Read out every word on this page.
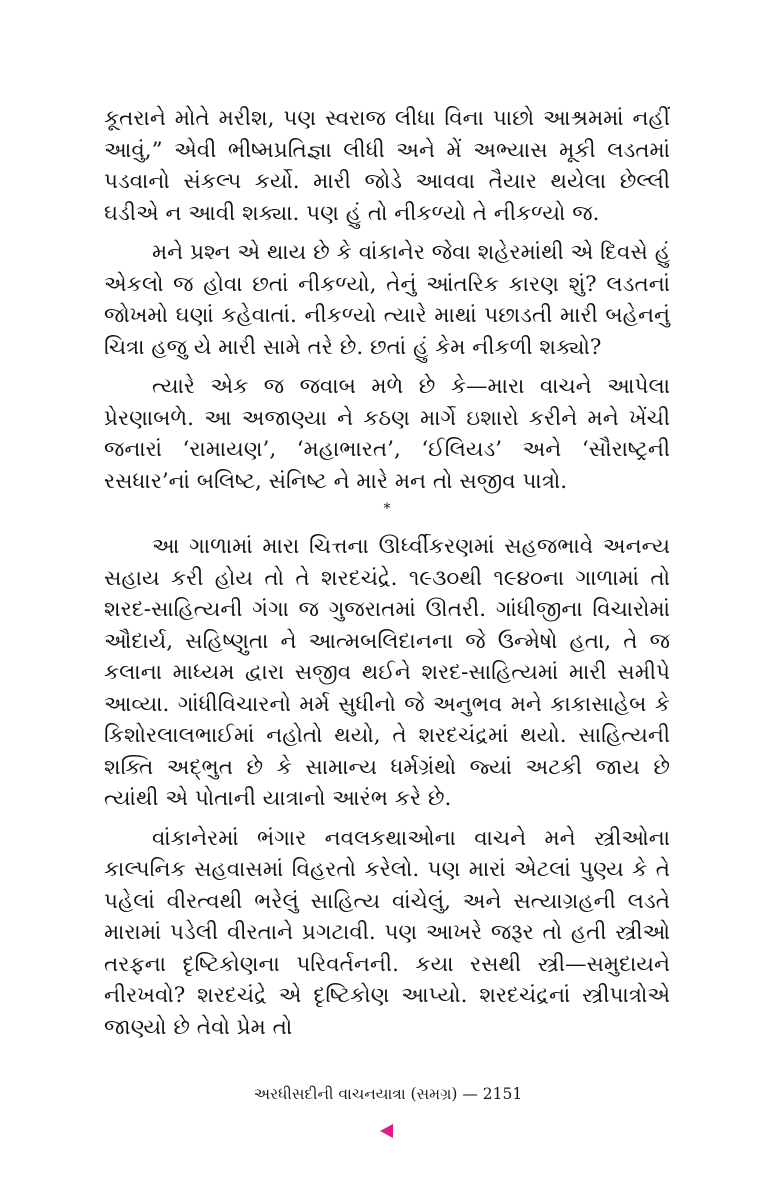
કૂતરાને મોતે મરીશ, પણ સ્વરાજ લીધા વિના પાછો આશ્રમમાં નહીં આવું,” એવી ભીષ્મપ્રતિજ્ઞા લીધી અને મેં અભ્યાસ મૂકી લડતમાં પડવાનો સંકલ્પ કર્યો. મારી જોડે આવવા તૈયાર થયેલા છેલ્લી ઘડીએ ન આવી શક્યા. પણ હું તો નીકળ્યો તે નીકળ્યો જ.

મને પ્રશ્ન એ થાય છે કે વાંકાનેર જેવા શહેરમાંથી એ દિવસે હું એકલો જ હોવા છતાં નીકળ્યો, તેનું આંતરિક કારણ શું? લડતનાં જોખમો ઘણાં કહેવાતાં. નીકળ્યો ત્યારે માથાં પછાડતી મારી બહેનનું ચિત્રા હજુ યે મારી સામે તરે છે. છતાં હું કેમ નીકળી શક્યો?

ત્યારે એક જ જવાબ મળે છે કે—મારા વાચને આપેલા પ્રેરણાબળે. આ અજાણ્યા ને કઠણ માર્ગે ઇશારો કરીને મને ખેંચી જનારાં ‘રામાયણ’, ‘મહાભારત’, ‘ઈલિયડ’ અને ‘સૌરાષ્ટ્રની રસધાર’નાં બલિષ્ટ, સંનિષ્ટ ને મારે મન તો સજીવ પાત્રો.

*

આ ગાળામાં મારા ચિત્તના ઊર્ધ્વીકરણમાં સહજભાવે અનન્ય સહાય કરી હોય તો તે શરદચંદ્રે. ૧૯૩૦થી ૧૯૪૦ના ગાળામાં તો શરદ-સાહિત્યની ગંગા જ ગુજરાતમાં ઊતરી. ગાંધીજીના વિચારોમાં ઔદાર્ય, સહિષ્ણુતા ને આત્મબલિદાનના જે ઉન્મેષો હતા, તે જ કલાના માધ્યમ દ્વારા સજીવ થઈને શરદ-સાહિત્યમાં મારી સમીપે આવ્યા. ગાંધીવિચારનો મર્મ સુધીનો જે અનુભવ મને કાકાસાહેબ કે કિશોરલાલભાઈમાં નહોતો થયો, તે શરદચંદ્રમાં થયો. સાહિત્યની શક્તિ અદ્ભુત છે કે સામાન્ય ધર્મગ્રંથો જ્યાં અટકી જાય છે ત્યાંથી એ પોતાની યાત્રાનો આરંભ કરે છે.

વાંકાનેરમાં ભંગાર નવલકથાઓના વાચને મને સ્ત્રીઓના કાલ્પનિક સહવાસમાં વિહરતો કરેલો. પણ મારાં એટલાં પુણ્ય કે તે પહેલાં વીરત્વથી ભરેલું સાહિત્ય વાંચેલું, અને સત્યાગ્રહની લડતે મારામાં પડેલી વીરતાને પ્રગટાવી. પણ આખરે જરૂર તો હતી સ્ત્રીઓ તરફના દૃષ્ટિકોણના પરિવર્તનની. કયા રસથી સ્ત્રી—સમુદાયને નીરખવો? શરદચંદ્રે એ દૃષ્ટિકોણ આપ્યો. શરદચંદ્રનાં સ્ત્રીપાત્રોએ જાણ્યો છે તેવો પ્રેમ તો

અરધીસદીની વાચનયાત્રા (સમગ્ર) — 2151
